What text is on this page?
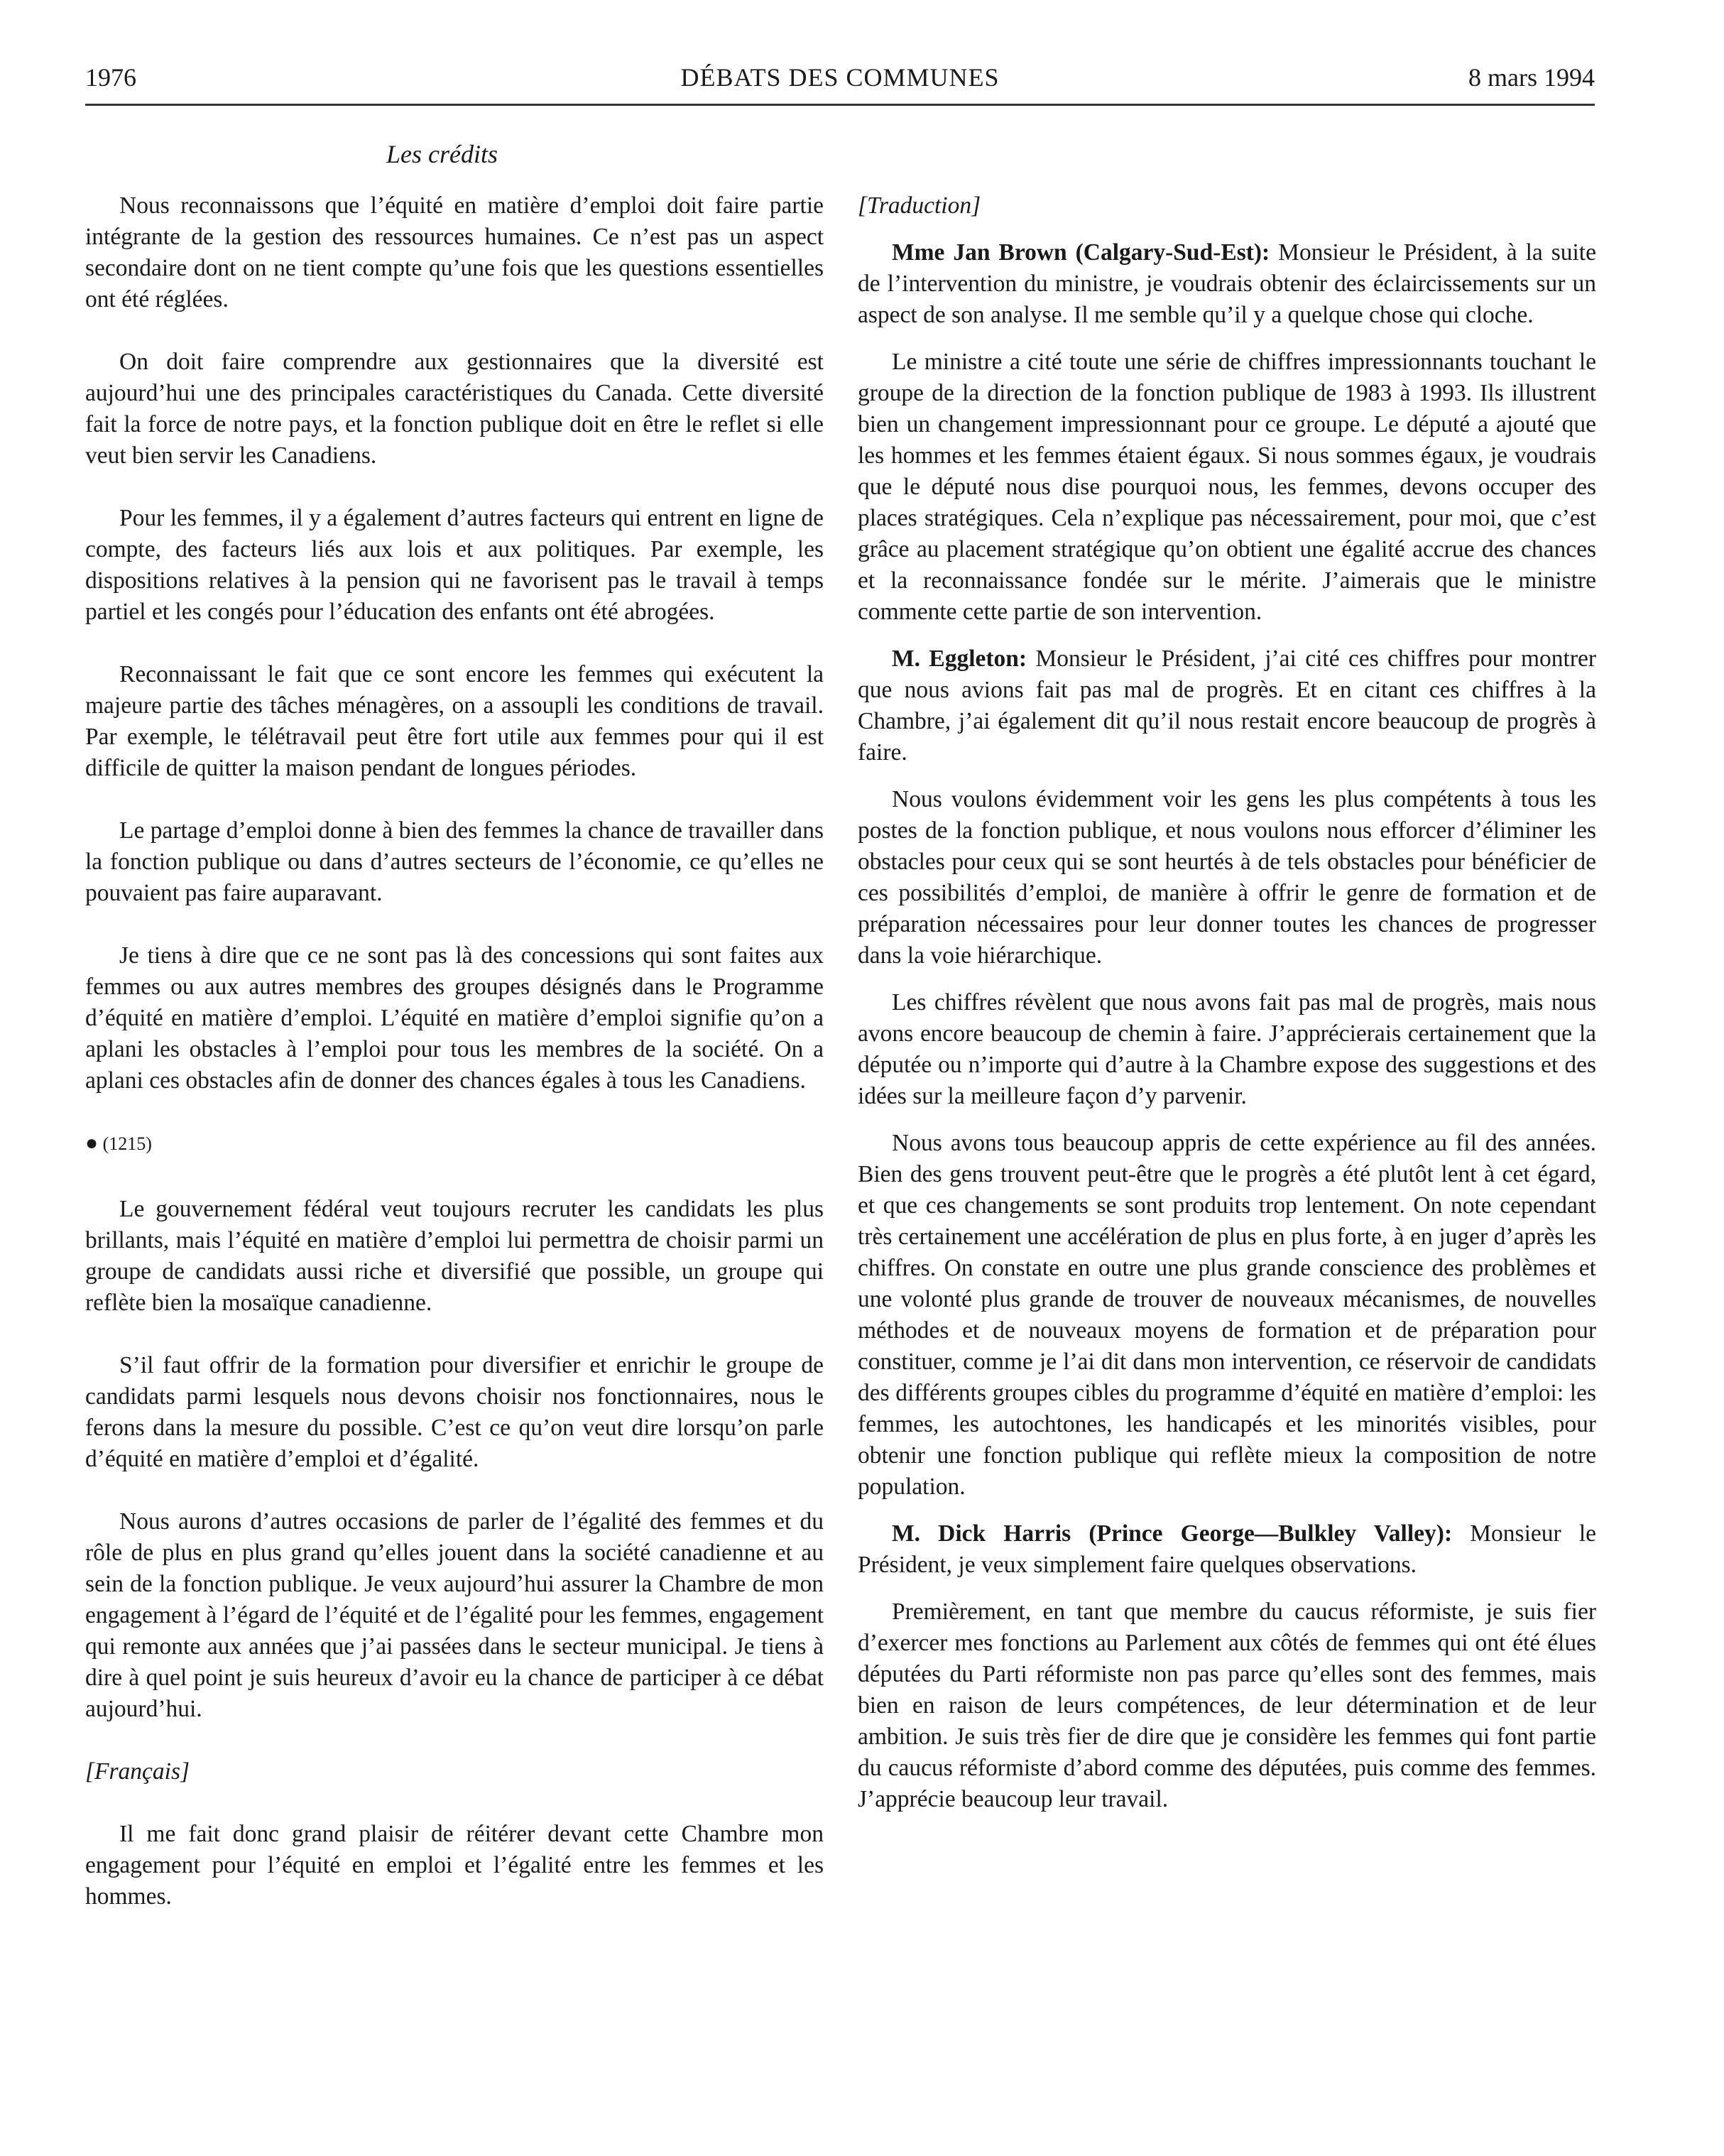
1976	DÉBATS DES COMMUNES	8 mars 1994
Les crédits

Nous reconnaissons que l’équité en matière d’emploi doit faire partie intégrante de la gestion des ressources humaines. Ce n’est pas un aspect secondaire dont on ne tient compte qu’une fois que les questions essentielles ont été réglées.

On doit faire comprendre aux gestionnaires que la diversité est aujourd’hui une des principales caractéristiques du Canada. Cette diversité fait la force de notre pays, et la fonction publique doit en être le reflet si elle veut bien servir les Canadiens.

Pour les femmes, il y a également d’autres facteurs qui entrent en ligne de compte, des facteurs liés aux lois et aux politiques. Par exemple, les dispositions relatives à la pension qui ne favorisent pas le travail à temps partiel et les congés pour l’éducation des enfants ont été abrogées.

Reconnaissant le fait que ce sont encore les femmes qui exécutent la majeure partie des tâches ménagères, on a assoupli les conditions de travail. Par exemple, le télétravail peut être fort utile aux femmes pour qui il est difficile de quitter la maison pendant de longues périodes.

Le partage d’emploi donne à bien des femmes la chance de travailler dans la fonction publique ou dans d’autres secteurs de l’économie, ce qu’elles ne pouvaient pas faire auparavant.

Je tiens à dire que ce ne sont pas là des concessions qui sont faites aux femmes ou aux autres membres des groupes désignés dans le Programme d’équité en matière d’emploi. L’équité en matière d’emploi signifie qu’on a aplani les obstacles à l’emploi pour tous les membres de la société. On a aplani ces obstacles afin de donner des chances égales à tous les Canadiens.

● (1215)

Le gouvernement fédéral veut toujours recruter les candidats les plus brillants, mais l’équité en matière d’emploi lui permettra de choisir parmi un groupe de candidats aussi riche et diversifié que possible, un groupe qui reflète bien la mosaïque canadienne.

S’il faut offrir de la formation pour diversifier et enrichir le groupe de candidats parmi lesquels nous devons choisir nos fonctionnaires, nous le ferons dans la mesure du possible. C’est ce qu’on veut dire lorsqu’on parle d’équité en matière d’emploi et d’égalité.

Nous aurons d’autres occasions de parler de l’égalité des femmes et du rôle de plus en plus grand qu’elles jouent dans la société canadienne et au sein de la fonction publique. Je veux aujourd’hui assurer la Chambre de mon engagement à l’égard de l’équité et de l’égalité pour les femmes, engagement qui remonte aux années que j’ai passées dans le secteur municipal. Je tiens à dire à quel point je suis heureux d’avoir eu la chance de participer à ce débat aujourd’hui.

[Français]

Il me fait donc grand plaisir de réitérer devant cette Chambre mon engagement pour l’équité en emploi et l’égalité entre les femmes et les hommes.

[Traduction]

Mme Jan Brown (Calgary-Sud-Est): Monsieur le Président, à la suite de l’intervention du ministre, je voudrais obtenir des éclaircissements sur un aspect de son analyse. Il me semble qu’il y a quelque chose qui cloche.

Le ministre a cité toute une série de chiffres impressionnants touchant le groupe de la direction de la fonction publique de 1983 à 1993. Ils illustrent bien un changement impressionnant pour ce groupe. Le député a ajouté que les hommes et les femmes étaient égaux. Si nous sommes égaux, je voudrais que le député nous dise pourquoi nous, les femmes, devons occuper des places stratégiques. Cela n’explique pas nécessairement, pour moi, que c’est grâce au placement stratégique qu’on obtient une égalité accrue des chances et la reconnaissance fondée sur le mérite. J’aimerais que le ministre commente cette partie de son intervention.

M. Eggleton: Monsieur le Président, j’ai cité ces chiffres pour montrer que nous avions fait pas mal de progrès. Et en citant ces chiffres à la Chambre, j’ai également dit qu’il nous restait encore beaucoup de progrès à faire.

Nous voulons évidemment voir les gens les plus compétents à tous les postes de la fonction publique, et nous voulons nous efforcer d’éliminer les obstacles pour ceux qui se sont heurtés à de tels obstacles pour bénéficier de ces possibilités d’emploi, de manière à offrir le genre de formation et de préparation nécessaires pour leur donner toutes les chances de progresser dans la voie hiérarchique.

Les chiffres révèlent que nous avons fait pas mal de progrès, mais nous avons encore beaucoup de chemin à faire. J’apprécierais certainement que la députée ou n’importe qui d’autre à la Chambre expose des suggestions et des idées sur la meilleure façon d’y parvenir.

Nous avons tous beaucoup appris de cette expérience au fil des années. Bien des gens trouvent peut-être que le progrès a été plutôt lent à cet égard, et que ces changements se sont produits trop lentement. On note cependant très certainement une accélération de plus en plus forte, à en juger d’après les chiffres. On constate en outre une plus grande conscience des problèmes et une volonté plus grande de trouver de nouveaux mécanismes, de nouvelles méthodes et de nouveaux moyens de formation et de préparation pour constituer, comme je l’ai dit dans mon intervention, ce réservoir de candidats des différents groupes cibles du programme d’équité en matière d’emploi: les femmes, les autochtones, les handicapés et les minorités visibles, pour obtenir une fonction publique qui reflète mieux la composition de notre population.

M. Dick Harris (Prince George—Bulkley Valley): Monsieur le Président, je veux simplement faire quelques observations.

Premièrement, en tant que membre du caucus réformiste, je suis fier d’exercer mes fonctions au Parlement aux côtés de femmes qui ont été élues députées du Parti réformiste non pas parce qu’elles sont des femmes, mais bien en raison de leurs compétences, de leur détermination et de leur ambition. Je suis très fier de dire que je considère les femmes qui font partie du caucus réformiste d’abord comme des députées, puis comme des femmes. J’apprécie beaucoup leur travail.
